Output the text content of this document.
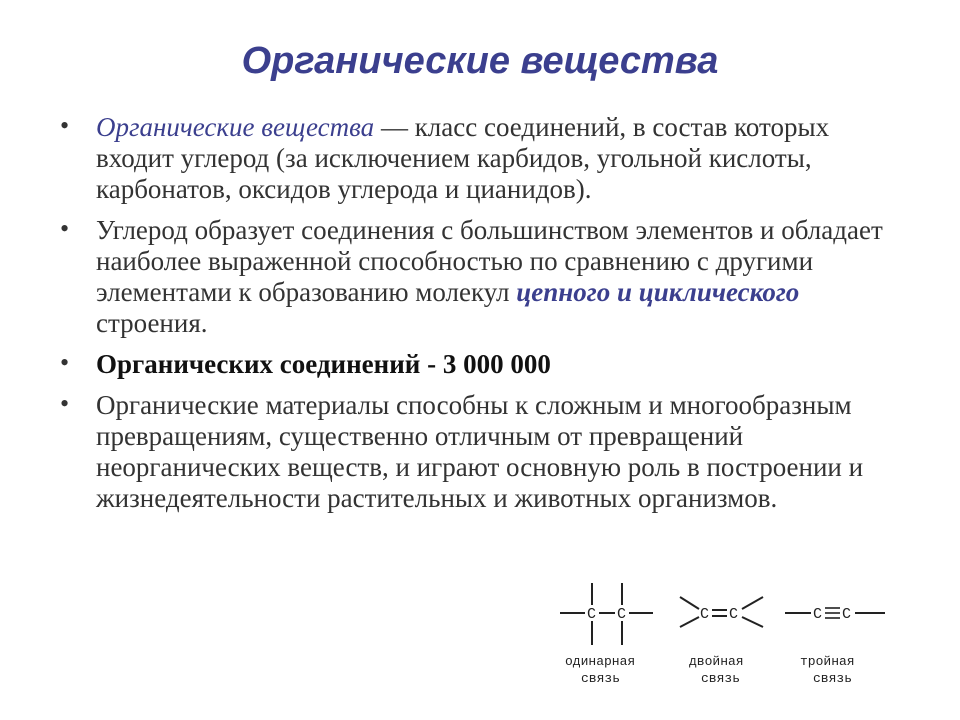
Органические вещества
• Органические вещества — класс соединений, в состав которых входит углерод (за исключением карбидов, угольной кислоты, карбонатов, оксидов углерода и цианидов).
• Углерод образует соединения с большинством элементов и обладает наиболее выраженной способностью по сравнению с другими элементами к образованию молекул цепного и циклического строения.
• Органических соединений - 3 000 000
• Органические материалы способны к сложным и многообразным превращениям, существенно отличным от превращений неорганических веществ, и играют основную роль в построении и жизнедеятельности растительных и животных организмов.
C C
одинарная
связь
C C
двойная
связь
C C
тройная
связь
